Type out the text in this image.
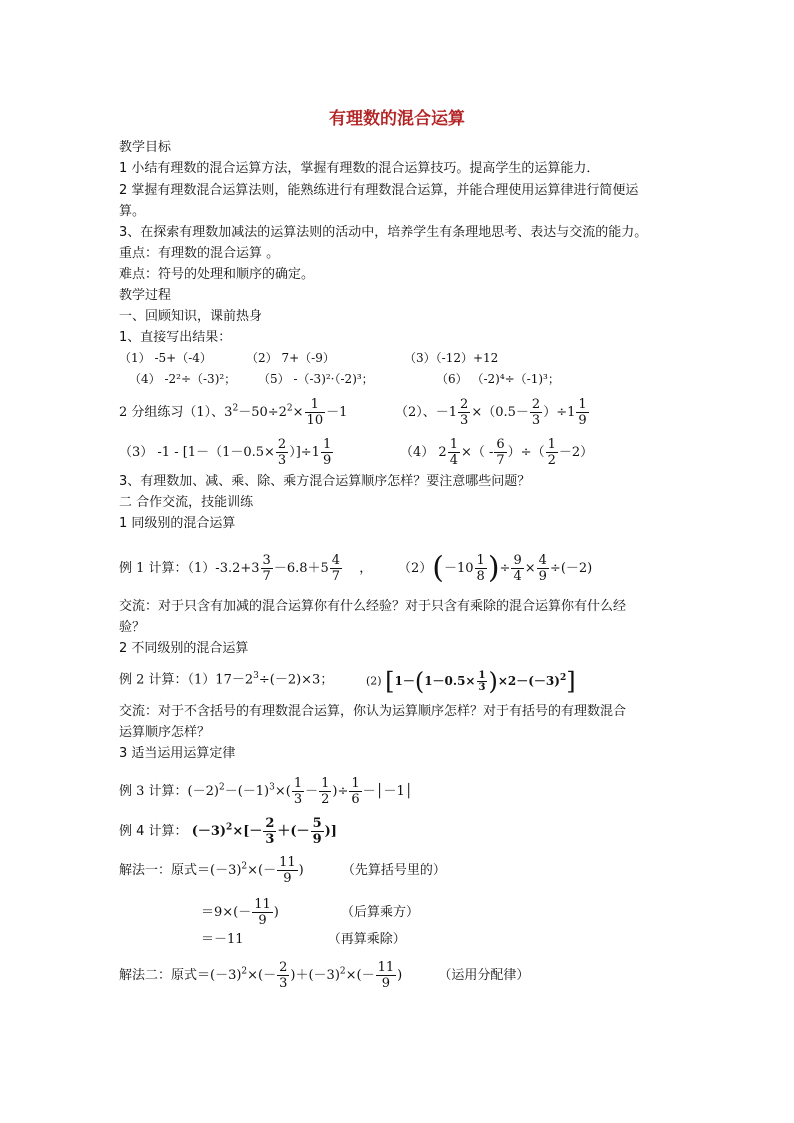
有理数的混合运算
教学目标
1 小结有理数的混合运算方法，掌握有理数的混合运算技巧。提高学生的运算能力．
2 掌握有理数混合运算法则，能熟练进行有理数混合运算，并能合理使用运算律进行简便运
算。
3、在探索有理数加减法的运算法则的活动中，培养学生有条理地思考、表达与交流的能力。
重点：有理数的混合运算 。
难点：符号的处理和顺序的确定。
教学过程
一、回顾知识，课前热身
1、直接写出结果：
（1） -5+（-4）	（2） 7+（-9）	（3）（-12）+12
（4） -2²÷（-3)²； （5） -（-3)²·（-2)³；	（6） （-2)⁴÷（-1)³；
2 分组练习（1）、$3^2-50\div 2^2\times \frac{1}{10} -1$	（2）、$-1 \frac{2}{3} \times(0.5- \frac{2}{3} )\div 1 \frac{1}{9}$
（3） $-1 - [1-(1-0.5\times \frac{2}{3} )]\div 1 \frac{1}{9}$	（4） $2 \frac{1}{4}$ ×（ - $\frac{6}{7}$ ）÷（ $\frac{1}{2} -2$）
3、有理数加、减、乘、除、乘方混合运算顺序怎样？要注意哪些问题？
二 合作交流，技能训练
1 同级别的混合运算
例 1 计算：$(1)-3.2+3 \frac{3}{7} -6.8+5 \frac{4}{7}$ ， $(2)(-10 \frac{1}{8}$ )÷ $\frac{9}{4} \times \frac{4}{9} \div(-2)$
交流：对于只含有加减的混合运算你有什么经验？对于只含有乘除的混合运算你有什么经
验？
2 不同级别的混合运算
例 2 计算：$(1)17-2^3\div(-2)\times 3$；	(2) $[1-(1-0.5\times \frac{1}{3} )\times 2-(-3)^2]$
交流：对于不含括号的有理数混合运算，你认为运算顺序怎样？对于有括号的有理数混合
运算顺序怎样？
3 适当运用运算定律
例 3 计算：$(-2)^2-(-1)^3\times( \frac{1}{3} - \frac{1}{2}$ )÷ $\frac{1}{6}$ －│－1│
例 4 计算： $(-3)^2\times[- \frac{2}{3}$ ＋(－ $\frac{5}{9}$ )]
解法一：原式$=(-3)^2\times(- \frac{11}{9}$ )	（先算括号里的）
$=9\times(- \frac{11}{9}$ )	（后算乘方）
＝－11	（再算乘除）
解法二：原式$=(-3)^2\times(- \frac{2}{3} )+(-3)^2\times(- \frac{11}{9}$ )	（运用分配律）
